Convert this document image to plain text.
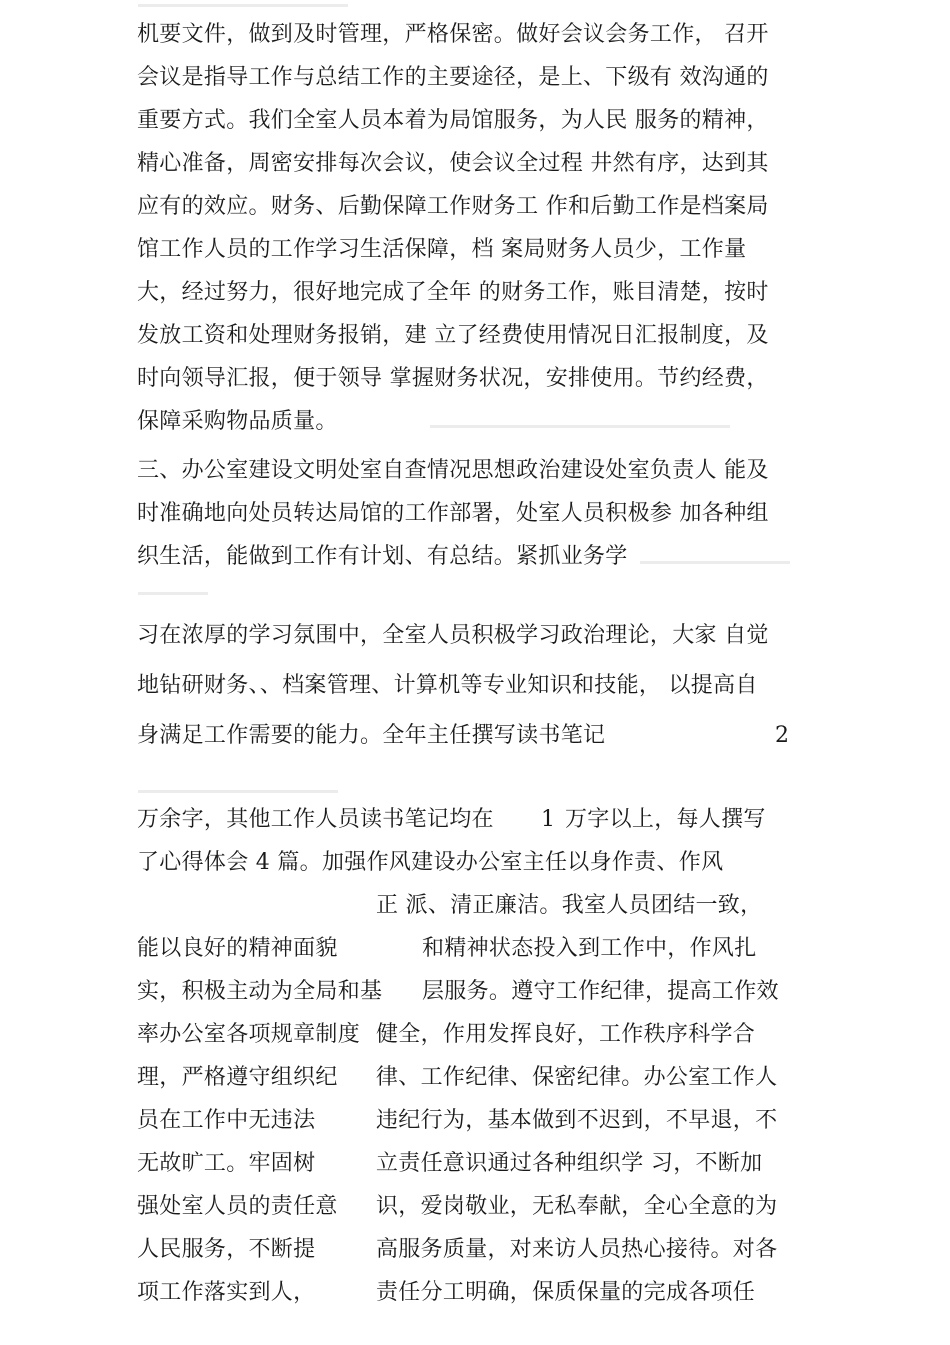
机要文件，做到及时管理，严格保密。做好会议会务工作， 召开
会议是指导工作与总结工作的主要途径，是上、下级有 效沟通的
重要方式。我们全室人员本着为局馆服务，为人民 服务的精神，
精心准备，周密安排每次会议，使会议全过程 井然有序，达到其
应有的效应。财务、后勤保障工作财务工 作和后勤工作是档案局
馆工作人员的工作学习生活保障，档 案局财务人员少，工作量
大，经过努力，很好地完成了全年 的财务工作，账目清楚，按时
发放工资和处理财务报销，建 立了经费使用情况日汇报制度，及
时向领导汇报，便于领导 掌握财务状况，安排使用。节约经费，
保障采购物品质量。
三、办公室建设文明处室自查情况思想政治建设处室负责人 能及
时准确地向处员转达局馆的工作部署，处室人员积极参 加各种组
织生活，能做到工作有计划、有总结。紧抓业务学
习在浓厚的学习氛围中，全室人员积极学习政治理论，大家 自觉
地钻研财务、、档案管理、计算机等专业知识和技能， 以提高自
身满足工作需要的能力。全年主任撰写读书笔记	2
万余字，其他工作人员读书笔记均在 1 万字以上，每人撰写
了心得体会 4 篇。加强作风建设办公室主任以身作责、作风
正 派、清正廉洁。我室人员团结一致，
能以良好的精神面貌
实，积极主动为全局和基
率办公室各项规章制度
理，严格遵守组织纪
员在工作中无违法
无故旷工。牢固树
强处室人员的责任意
人民服务，不断提
项工作落实到人，
和精神状态投入到工作中，作风扎
层服务。遵守工作纪律，提高工作效
健全，作用发挥良好，工作秩序科学合
律、工作纪律、保密纪律。办公室工作人
违纪行为，基本做到不迟到，不早退，不
立责任意识通过各种组织学 习，不断加
识，爱岗敬业，无私奉献，全心全意的为
高服务质量，对来访人员热心接待。对各
责任分工明确，保质保量的完成各项任
